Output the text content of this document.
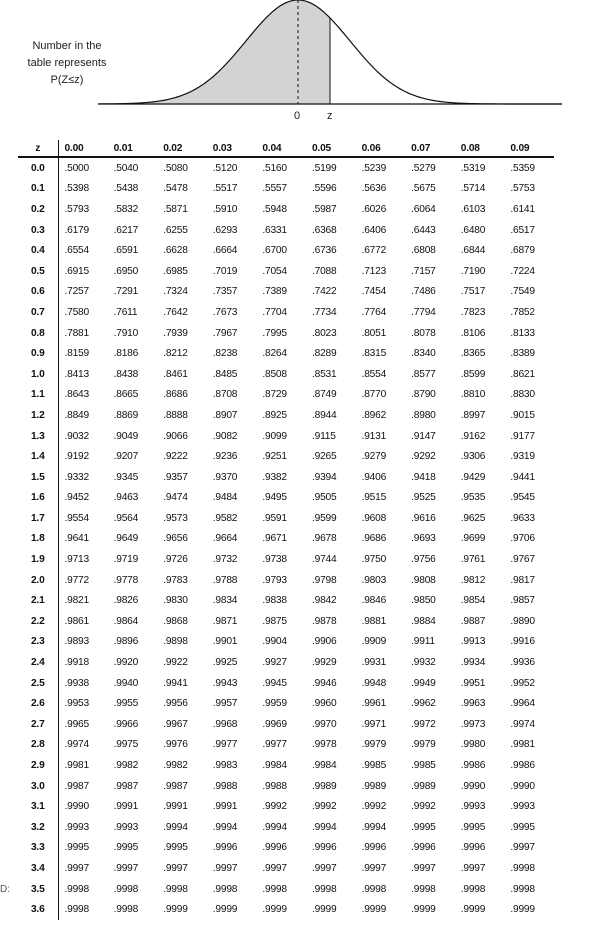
Number in the
table represents
P(Z≤z)
0 z
z	0.00	0.01	0.02	0.03	0.04	0.05	0.06	0.07	0.08	0.09
0.0	.5000	.5040	.5080	.5120	.5160	.5199	.5239	.5279	.5319	.5359
0.1	.5398	.5438	.5478	.5517	.5557	.5596	.5636	.5675	.5714	.5753
0.2	.5793	.5832	.5871	.5910	.5948	.5987	.6026	.6064	.6103	.6141
0.3	.6179	.6217	.6255	.6293	.6331	.6368	.6406	.6443	.6480	.6517
0.4	.6554	.6591	.6628	.6664	.6700	.6736	.6772	.6808	.6844	.6879
0.5	.6915	.6950	.6985	.7019	.7054	.7088	.7123	.7157	.7190	.7224
0.6	.7257	.7291	.7324	.7357	.7389	.7422	.7454	.7486	.7517	.7549
0.7	.7580	.7611	.7642	.7673	.7704	.7734	.7764	.7794	.7823	.7852
0.8	.7881	.7910	.7939	.7967	.7995	.8023	.8051	.8078	.8106	.8133
0.9	.8159	.8186	.8212	.8238	.8264	.8289	.8315	.8340	.8365	.8389
1.0	.8413	.8438	.8461	.8485	.8508	.8531	.8554	.8577	.8599	.8621
1.1	.8643	.8665	.8686	.8708	.8729	.8749	.8770	.8790	.8810	.8830
1.2	.8849	.8869	.8888	.8907	.8925	.8944	.8962	.8980	.8997	.9015
1.3	.9032	.9049	.9066	.9082	.9099	.9115	.9131	.9147	.9162	.9177
1.4	.9192	.9207	.9222	.9236	.9251	.9265	.9279	.9292	.9306	.9319
1.5	.9332	.9345	.9357	.9370	.9382	.9394	.9406	.9418	.9429	.9441
1.6	.9452	.9463	.9474	.9484	.9495	.9505	.9515	.9525	.9535	.9545
1.7	.9554	.9564	.9573	.9582	.9591	.9599	.9608	.9616	.9625	.9633
1.8	.9641	.9649	.9656	.9664	.9671	.9678	.9686	.9693	.9699	.9706
1.9	.9713	.9719	.9726	.9732	.9738	.9744	.9750	.9756	.9761	.9767
2.0	.9772	.9778	.9783	.9788	.9793	.9798	.9803	.9808	.9812	.9817
2.1	.9821	.9826	.9830	.9834	.9838	.9842	.9846	.9850	.9854	.9857
2.2	.9861	.9864	.9868	.9871	.9875	.9878	.9881	.9884	.9887	.9890
2.3	.9893	.9896	.9898	.9901	.9904	.9906	.9909	.9911	.9913	.9916
2.4	.9918	.9920	.9922	.9925	.9927	.9929	.9931	.9932	.9934	.9936
2.5	.9938	.9940	.9941	.9943	.9945	.9946	.9948	.9949	.9951	.9952
2.6	.9953	.9955	.9956	.9957	.9959	.9960	.9961	.9962	.9963	.9964
2.7	.9965	.9966	.9967	.9968	.9969	.9970	.9971	.9972	.9973	.9974
2.8	.9974	.9975	.9976	.9977	.9977	.9978	.9979	.9979	.9980	.9981
2.9	.9981	.9982	.9982	.9983	.9984	.9984	.9985	.9985	.9986	.9986
3.0	.9987	.9987	.9987	.9988	.9988	.9989	.9989	.9989	.9990	.9990
3.1	.9990	.9991	.9991	.9991	.9992	.9992	.9992	.9992	.9993	.9993
3.2	.9993	.9993	.9994	.9994	.9994	.9994	.9994	.9995	.9995	.9995
3.3	.9995	.9995	.9995	.9996	.9996	.9996	.9996	.9996	.9996	.9997
3.4	.9997	.9997	.9997	.9997	.9997	.9997	.9997	.9997	.9997	.9998
3.5	.9998	.9998	.9998	.9998	.9998	.9998	.9998	.9998	.9998	.9998
3.6	.9998	.9998	.9999	.9999	.9999	.9999	.9999	.9999	.9999	.9999
D:
